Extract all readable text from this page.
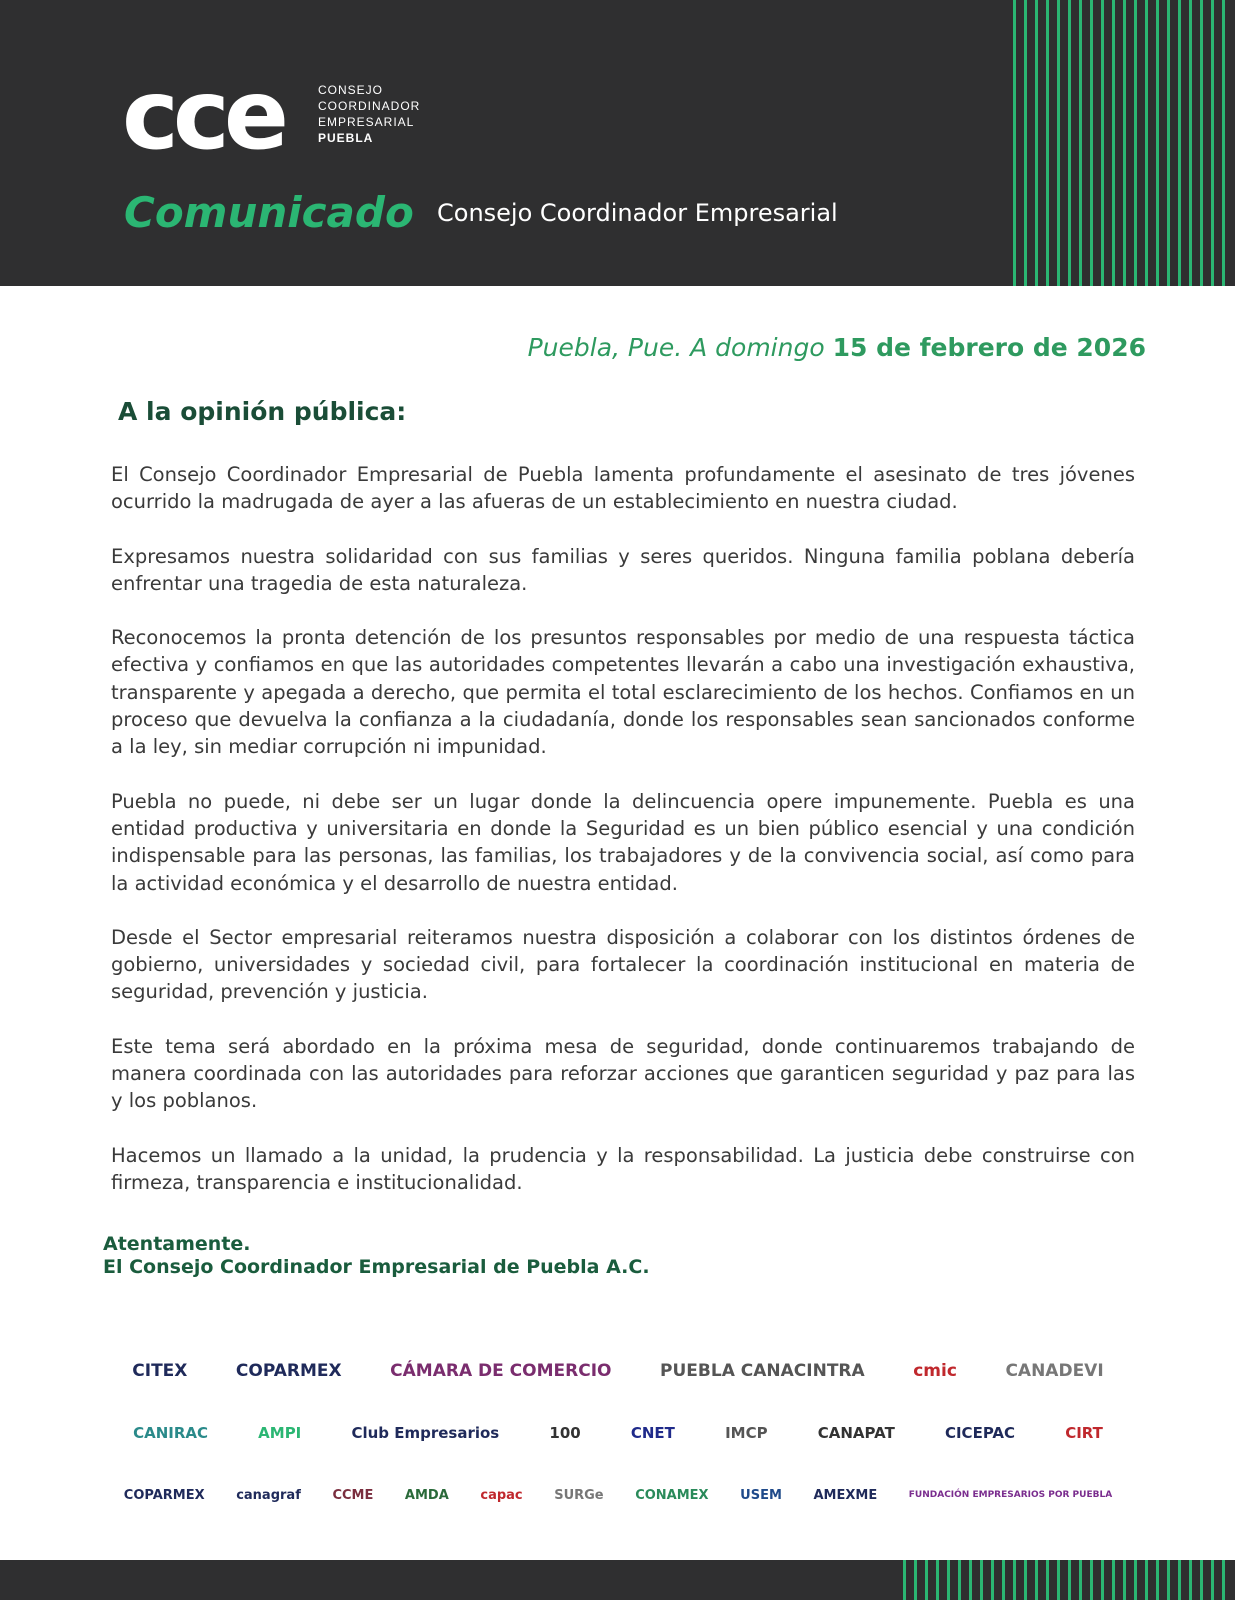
cce	CONSEJO
COORDINADOR
EMPRESARIAL
PUEBLA
Comunicado Consejo Coordinador Empresarial
Puebla, Pue. A domingo 15 de febrero de 2026
A la opinión pública:

El Consejo Coordinador Empresarial de Puebla lamenta profundamente el asesinato de tres jóvenes ocurrido la madrugada de ayer a las afueras de un establecimiento en nuestra ciudad.

Expresamos nuestra solidaridad con sus familias y seres queridos. Ninguna familia poblana debería enfrentar una tragedia de esta naturaleza.

Reconocemos la pronta detención de los presuntos responsables por medio de una respuesta táctica efectiva y confiamos en que las autoridades competentes llevarán a cabo una investigación exhaustiva, transparente y apegada a derecho, que permita el total esclarecimiento de los hechos. Confiamos en un proceso que devuelva la confianza a la ciudadanía, donde los responsables sean sancionados conforme a la ley, sin mediar corrupción ni impunidad.

Puebla no puede, ni debe ser un lugar donde la delincuencia opere impunemente. Puebla es una entidad productiva y universitaria en donde la Seguridad es un bien público esencial y una condición indispensable para las personas, las familias, los trabajadores y de la convivencia social, así como para la actividad económica y el desarrollo de nuestra entidad.

Desde el Sector empresarial reiteramos nuestra disposición a colaborar con los distintos órdenes de gobierno, universidades y sociedad civil, para fortalecer la coordinación institucional en materia de seguridad, prevención y justicia.

Este tema será abordado en la próxima mesa de seguridad, donde continuaremos trabajando de manera coordinada con las autoridades para reforzar acciones que garanticen seguridad y paz para las y los poblanos.

Hacemos un llamado a la unidad, la prudencia y la responsabilidad. La justicia debe construirse con firmeza, transparencia e institucionalidad.

Atentamente.
El Consejo Coordinador Empresarial de Puebla A.C.
CITEX	COPARMEX	CÁMARA DE COMERCIO	PUEBLA CANACINTRA	cmic	CANADEVI
CANIRAC	AMPI	Club Empresarios	100	CNET	IMCP	CANAPAT	CICEPAC	CIRT
COPARMEX canagraf CCME AMDA capac SURGe CONAMEX USEM AMEXME	FUNDACIÓN EMPRESARIOS POR PUEBLA
